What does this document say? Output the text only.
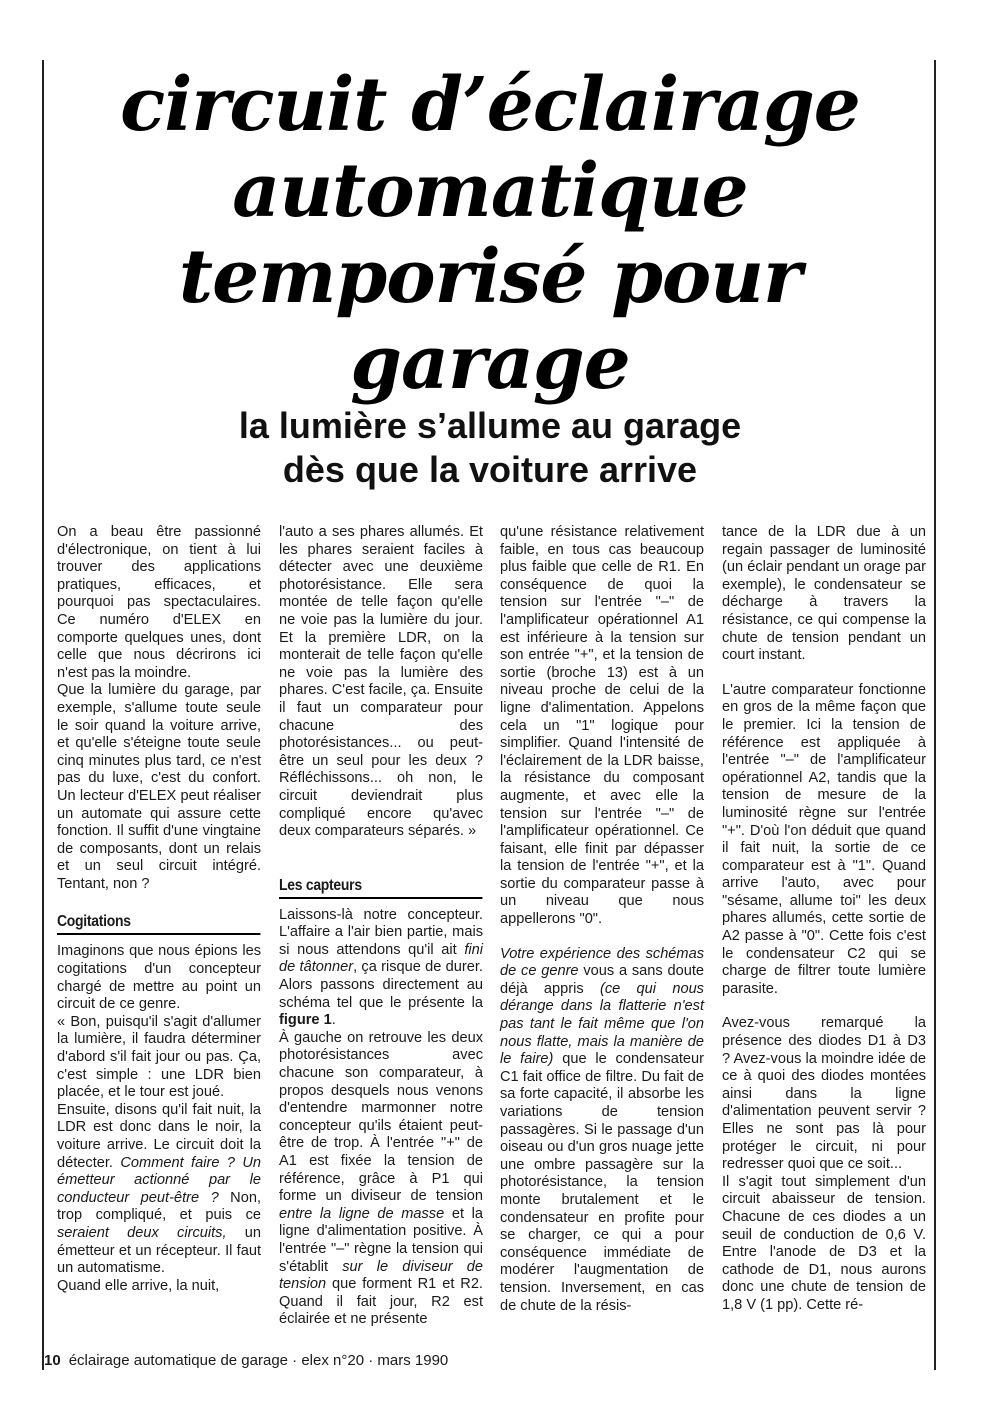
circuit d’éclairage
automatique
temporisé pour
garage
la lumière s’allume au garage
dès que la voiture arrive

On a beau être passionné d'électronique, on tient à lui trouver des applications pratiques, efficaces, et pourquoi pas spectaculaires. Ce numéro d'ELEX en comporte quelques unes, dont celle que nous décrirons ici n'est pas la moindre.

Que la lumière du garage, par exemple, s'allume toute seule le soir quand la voiture arrive, et qu'elle s'éteigne toute seule cinq minutes plus tard, ce n'est pas du luxe, c'est du confort. Un lecteur d'ELEX peut réaliser un automate qui assure cette fonction. Il suffit d'une vingtaine de composants, dont un relais et un seul circuit intégré. Tentant, non ?

Cogitations

Imaginons que nous épions les cogitations d'un concepteur chargé de mettre au point un circuit de ce genre.

« Bon, puisqu'il s'agit d'allumer la lumière, il faudra déterminer d'abord s'il fait jour ou pas. Ça, c'est simple : une LDR bien placée, et le tour est joué.

Ensuite, disons qu'il fait nuit, la LDR est donc dans le noir, la voiture arrive. Le circuit doit la détecter. Comment faire ? Un émetteur actionné par le conducteur peut-être ? Non, trop compliqué, et puis ce seraient deux circuits, un émetteur et un récepteur. Il faut un automatisme.

Quand elle arrive, la nuit,

l'auto a ses phares allumés. Et les phares seraient faciles à détecter avec une deuxième photorésistance. Elle sera montée de telle façon qu'elle ne voie pas la lumière du jour. Et la première LDR, on la monterait de telle façon qu'elle ne voie pas la lumière des phares. C'est facile, ça. Ensuite il faut un comparateur pour chacune des photorésistances... ou peut-être un seul pour les deux ? Réfléchissons... oh non, le circuit deviendrait plus compliqué encore qu'avec deux comparateurs séparés. »

Les capteurs

Laissons-là notre concepteur. L'affaire a l'air bien partie, mais si nous attendons qu'il ait fini de tâtonner, ça risque de durer. Alors passons directement au schéma tel que le présente la figure 1.

À gauche on retrouve les deux photorésistances avec chacune son comparateur, à propos desquels nous venons d'entendre marmonner notre concepteur qu'ils étaient peut-être de trop. À l'entrée "+" de A1 est fixée la tension de référence, grâce à P1 qui forme un diviseur de tension entre la ligne de masse et la ligne d'alimentation positive. À l'entrée "–" règne la tension qui s'établit sur le diviseur de tension que forment R1 et R2. Quand il fait jour, R2 est éclairée et ne présente

qu'une résistance relativement faible, en tous cas beaucoup plus faible que celle de R1. En conséquence de quoi la tension sur l'entrée "–" de l'amplificateur opérationnel A1 est inférieure à la tension sur son entrée "+", et la tension de sortie (broche 13) est à un niveau proche de celui de la ligne d'alimentation. Appelons cela un "1" logique pour simplifier. Quand l'intensité de l'éclairement de la LDR baisse, la résistance du composant augmente, et avec elle la tension sur l'entrée "–" de l'amplificateur opérationnel. Ce faisant, elle finit par dépasser la tension de l'entrée "+", et la sortie du comparateur passe à un niveau que nous appellerons "0".

Votre expérience des schémas de ce genre vous a sans doute déjà appris (ce qui nous dérange dans la flatterie n'est pas tant le fait même que l'on nous flatte, mais la manière de le faire) que le condensateur C1 fait office de filtre. Du fait de sa forte capacité, il absorbe les variations de tension passagères. Si le passage d'un oiseau ou d'un gros nuage jette une ombre passagère sur la photorésistance, la tension monte brutalement et le condensateur en profite pour se charger, ce qui a pour conséquence immédiate de modérer l'augmentation de tension. Inversement, en cas de chute de la résis-

tance de la LDR due à un regain passager de luminosité (un éclair pendant un orage par exemple), le condensateur se décharge à travers la résistance, ce qui compense la chute de tension pendant un court instant.

L'autre comparateur fonctionne en gros de la même façon que le premier. Ici la tension de référence est appliquée à l'entrée "–" de l'amplificateur opérationnel A2, tandis que la tension de mesure de la luminosité règne sur l'entrée "+". D'où l'on déduit que quand il fait nuit, la sortie de ce comparateur est à "1". Quand arrive l'auto, avec pour "sésame, allume toi" les deux phares allumés, cette sortie de A2 passe à "0". Cette fois c'est le condensateur C2 qui se charge de filtrer toute lumière parasite.

Avez-vous remarqué la présence des diodes D1 à D3 ? Avez-vous la moindre idée de ce à quoi des diodes montées ainsi dans la ligne d'alimentation peuvent servir ? Elles ne sont pas là pour protéger le circuit, ni pour redresser quoi que ce soit...

Il s'agit tout simplement d'un circuit abaisseur de tension. Chacune de ces diodes a un seuil de conduction de 0,6 V. Entre l'anode de D3 et la cathode de D1, nous aurons donc une chute de tension de 1,8 V (1 pp). Cette ré-

10 éclairage automatique de garage · elex n°20 · mars 1990
